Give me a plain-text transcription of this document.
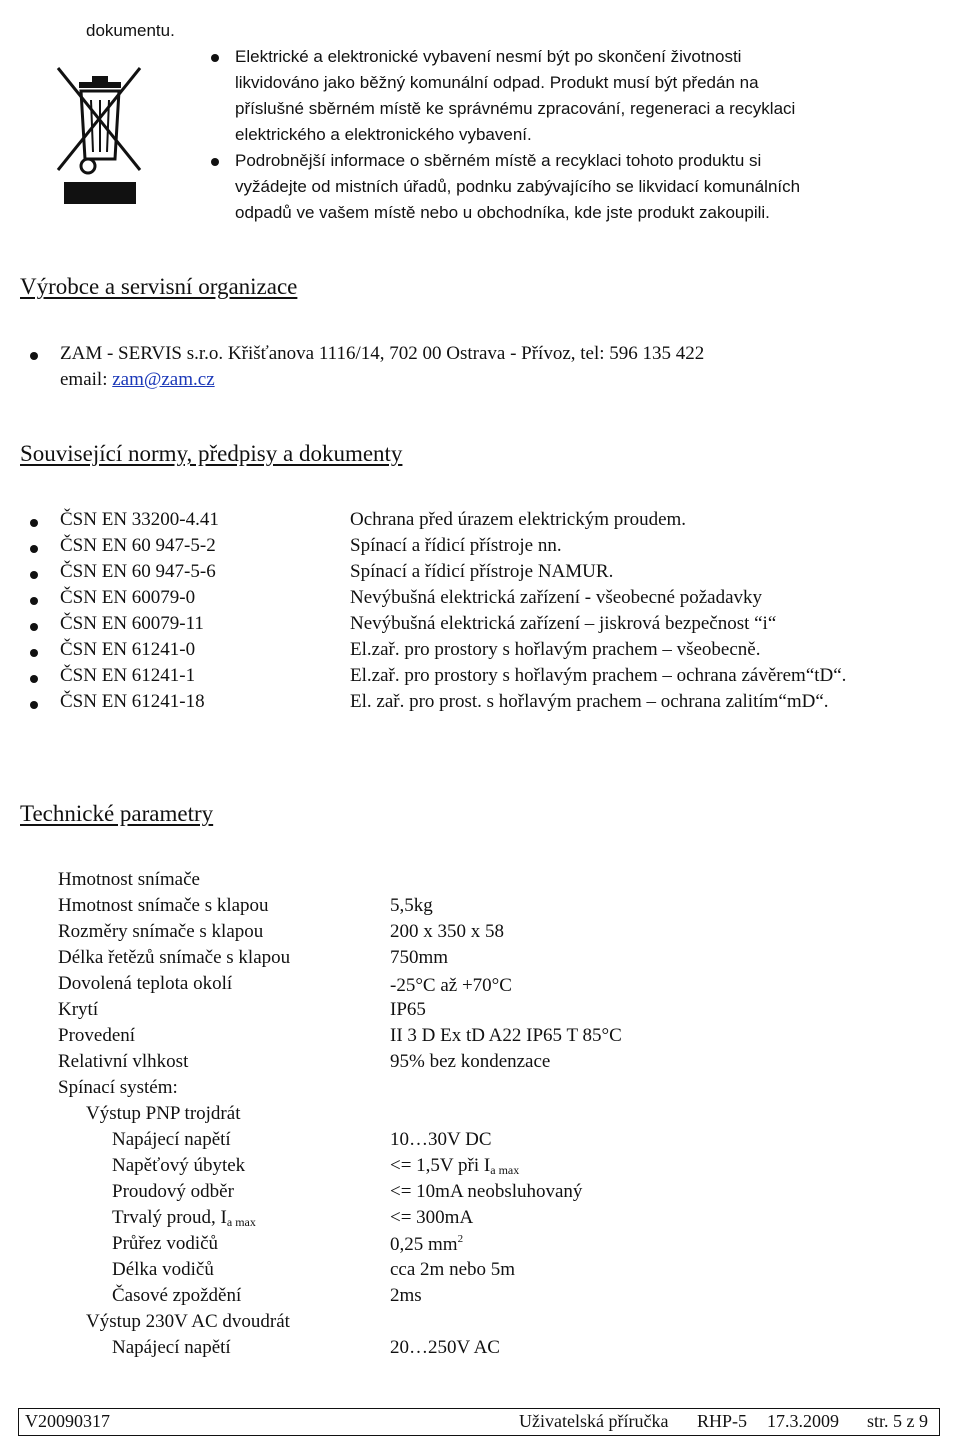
dokumentu.
Elektrické a elektronické vybavení nesmí být po skončení životnosti
likvidováno jako běžný komunální odpad. Produkt musí být předán na
příslušné sběrném místě ke správnému zpracování, regeneraci a recyklaci
elektrického a elektronického vybavení.
Podrobnější informace o sběrném místě a recyklaci tohoto produktu si
vyžádejte od mistních úřadů, podnku zabývajícího se likvidací komunálních
odpadů ve vašem místě nebo u obchodníka, kde jste produkt zakoupili.
Výrobce a servisní organizace
ZAM - SERVIS s.r.o. Křišťanova 1116/14, 702 00 Ostrava - Přívoz, tel: 596 135 422
email: zam@zam.cz
Související normy, předpisy a dokumenty
ČSN EN 33200-4.41	Ochrana před úrazem elektrickým proudem.
ČSN EN 60 947-5-2	Spínací a řídicí přístroje nn.
ČSN EN 60 947-5-6	Spínací a řídicí přístroje NAMUR.
ČSN EN 60079-0	Nevýbušná elektrická zařízení - všeobecné požadavky
ČSN EN 60079-11	Nevýbušná elektrická zařízení – jiskrová bezpečnost “i“
ČSN EN 61241-0	El.zař. pro prostory s hořlavým prachem – všeobecně.
ČSN EN 61241-1	El.zař. pro prostory s hořlavým prachem – ochrana závěrem“tD“.
ČSN EN 61241-18	El. zař. pro prost. s hořlavým prachem – ochrana zalitím“mD“.
Technické parametry
Hmotnost snímače
Hmotnost snímače s klapou	5,5kg
Rozměry snímače s klapou	200 x 350 x 58
Délka řetězů snímače s klapou	750mm
Dovolená teplota okolí	-25°C až +70°C
Krytí	IP65
Provedení	II 3 D Ex tD A22 IP65 T 85°C
Relativní vlhkost	95% bez kondenzace
Spínací systém:
Výstup PNP trojdrát
Napájecí napětí	10…30V DC
Napěťový úbytek	<= 1,5V při $I_{a max}$
Proudový odběr	<= 10mA neobsluhovaný
Trvalý proud, $I_{a max}$	<= 300mA
Průřez vodičů	0,25 $mm^2$
Délka vodičů	cca 2m nebo 5m
Časové zpoždění	2ms
Výstup 230V AC dvoudrát
Napájecí napětí	20…250V AC
V20090317	Uživatelská příručka RHP-5 17.3.2009 str. 5 z 9
